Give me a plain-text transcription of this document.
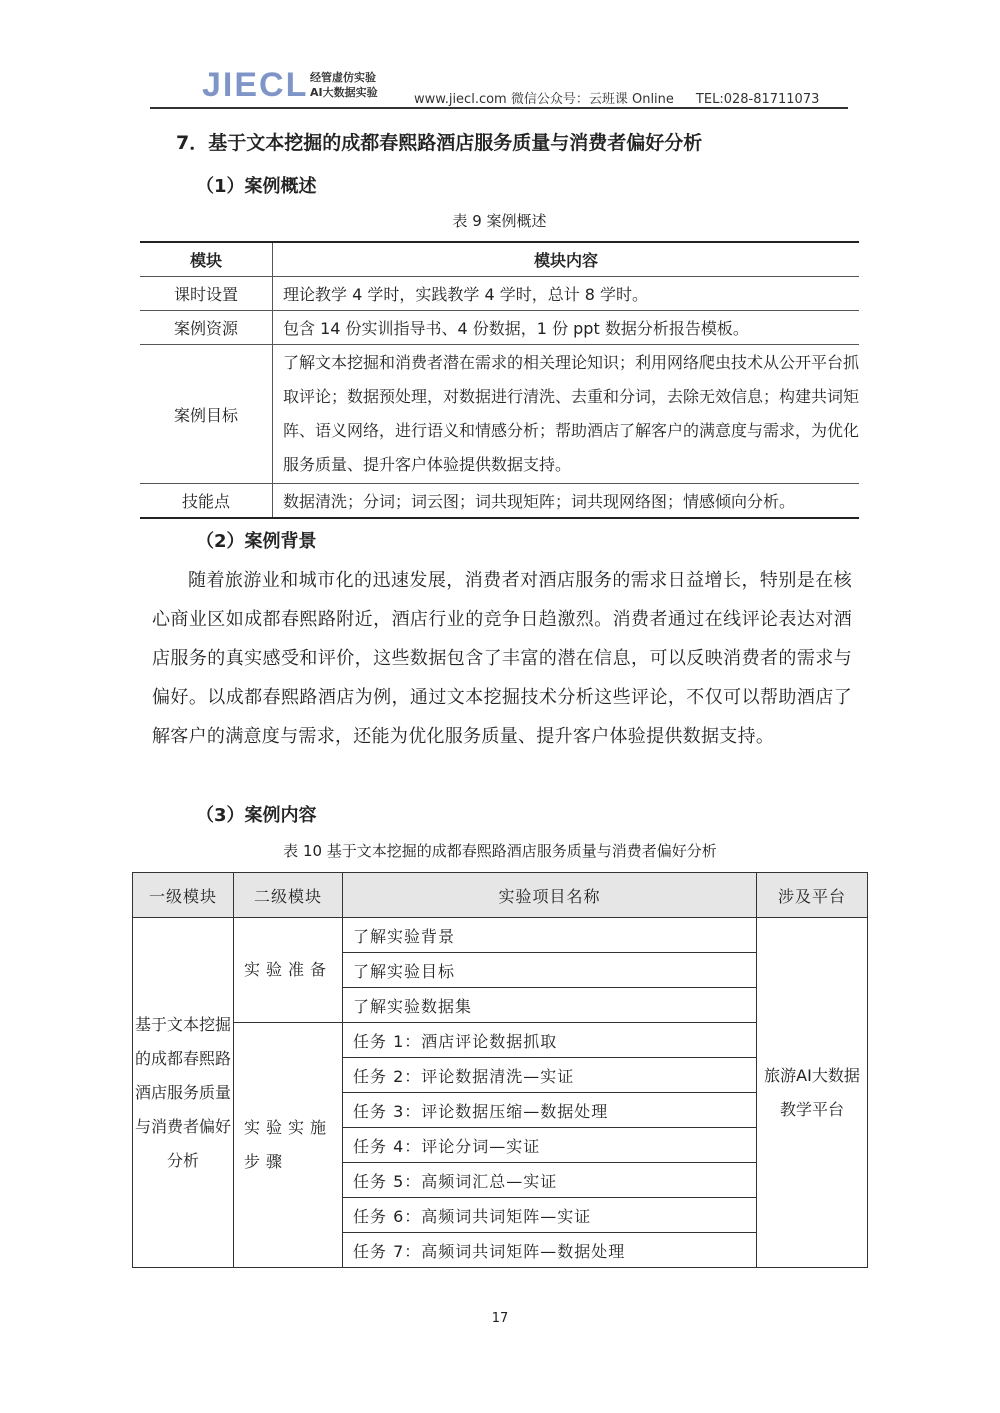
JIECL 经管虚仿实验
AI大数据实验	www.jiecl.com 微信公众号：云班课 Online TEL:028-81711073
7．基于文本挖掘的成都春熙路酒店服务质量与消费者偏好分析
（1）案例概述
表 9 案例概述
模块	模块内容
课时设置	理论教学 4 学时，实践教学 4 学时，总计 8 学时。
案例资源	包含 14 份实训指导书、4 份数据，1 份 ppt 数据分析报告模板。
案例目标	了解文本挖掘和消费者潜在需求的相关理论知识；利用网络爬虫技术从公开平台抓取评论；数据预处理，对数据进行清洗、去重和分词，去除无效信息；构建共词矩阵、语义网络，进行语义和情感分析；帮助酒店了解客户的满意度与需求，为优化服务质量、提升客户体验提供数据支持。
技能点	数据清洗；分词；词云图；词共现矩阵；词共现网络图；情感倾向分析。
（2）案例背景
随着旅游业和城市化的迅速发展，消费者对酒店服务的需求日益增长，特别是在核心商业区如成都春熙路附近，酒店行业的竞争日趋激烈。消费者通过在线评论表达对酒店服务的真实感受和评价，这些数据包含了丰富的潜在信息，可以反映消费者的需求与偏好。以成都春熙路酒店为例，通过文本挖掘技术分析这些评论，不仅可以帮助酒店了解客户的满意度与需求，还能为优化服务质量、提升客户体验提供数据支持。
（3）案例内容
表 10 基于文本挖掘的成都春熙路酒店服务质量与消费者偏好分析
一级模块	二级模块	实验项目名称	涉及平台
基于文本挖掘的成都春熙路酒店服务质量与消费者偏好分析	实验准备	了解实验背景	旅游AI大数据教学平台
		了解实验目标	
		了解实验数据集	
	实验实施步骤	任务 1：酒店评论数据抓取	
		任务 2：评论数据清洗—实证	
		任务 3：评论数据压缩—数据处理	
		任务 4：评论分词—实证	
		任务 5：高频词汇总—实证	
		任务 6：高频词共词矩阵—实证	
		任务 7：高频词共词矩阵—数据处理	
17
